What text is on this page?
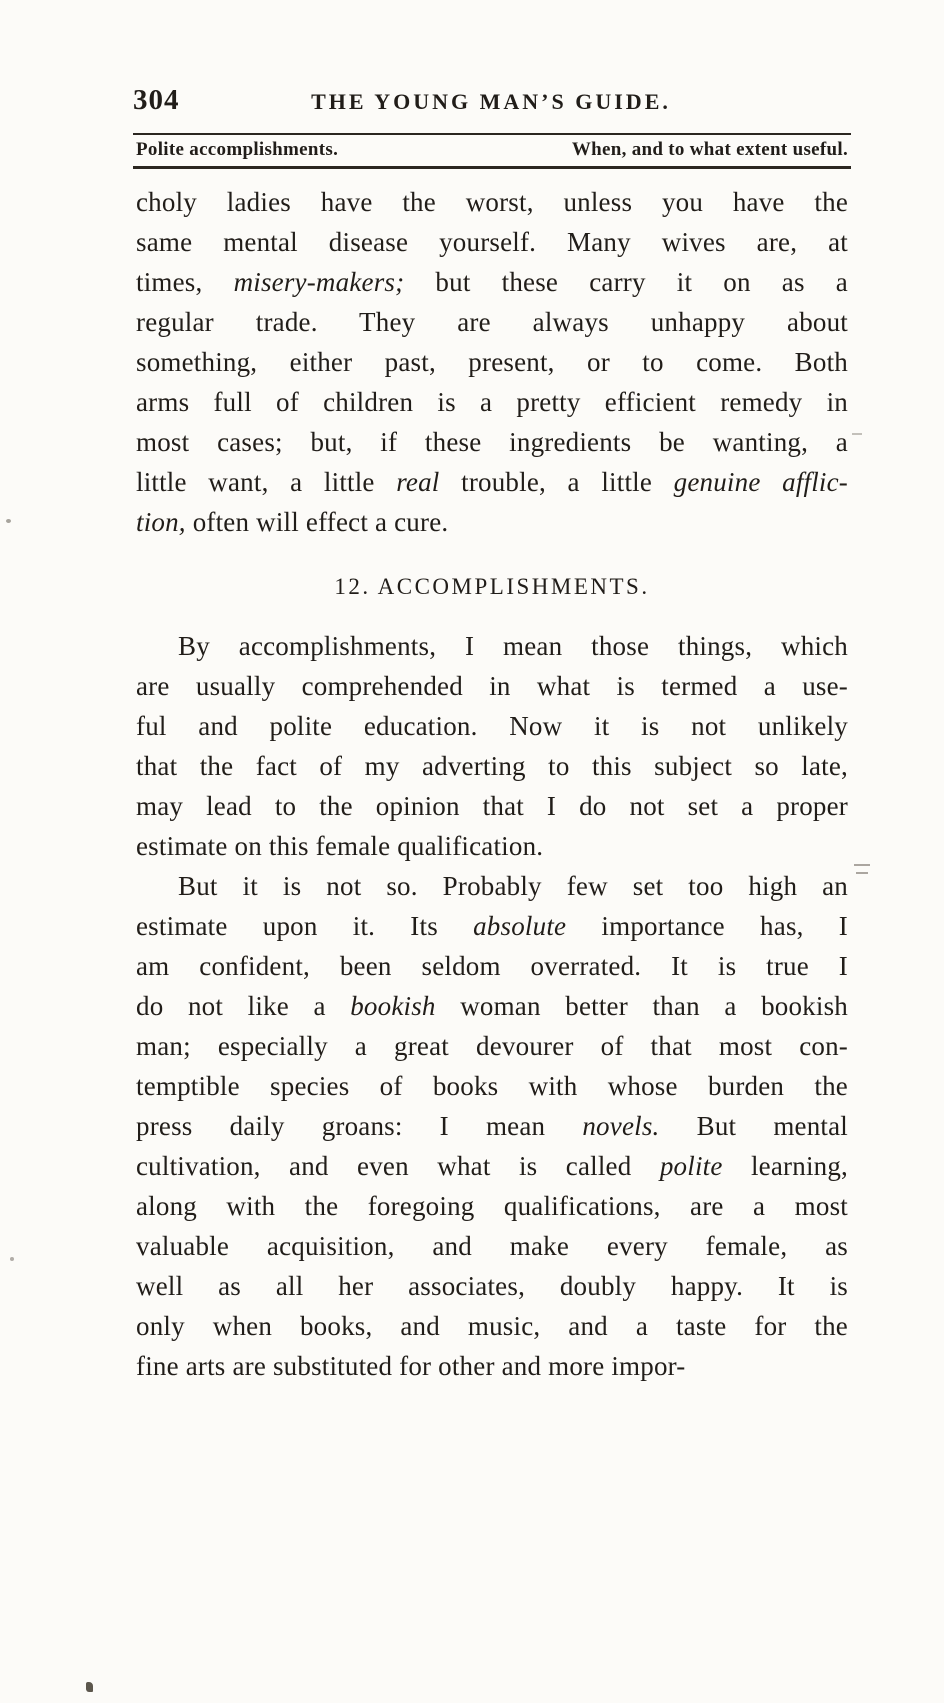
304	THE YOUNG MAN’S GUIDE.
Polite accomplishments.	When, and to what extent useful.
choly ladies have the worst, unless you have the
same mental disease yourself. Many wives are, at
times, misery-makers; but these carry it on as a
regular trade. They are always unhappy about
something, either past, present, or to come. Both
arms full of children is a pretty efficient remedy in
most cases; but, if these ingredients be wanting, a
little want, a little real trouble, a little genuine afflic-
tion, often will effect a cure.
12. ACCOMPLISHMENTS.
By accomplishments, I mean those things, which
are usually comprehended in what is termed a use-
ful and polite education. Now it is not unlikely
that the fact of my adverting to this subject so late,
may lead to the opinion that I do not set a proper
estimate on this female qualification.
But it is not so. Probably few set too high an
estimate upon it. Its absolute importance has, I
am confident, been seldom overrated. It is true I
do not like a bookish woman better than a bookish
man; especially a great devourer of that most con-
temptible species of books with whose burden the
press daily groans: I mean novels. But mental
cultivation, and even what is called polite learning,
along with the foregoing qualifications, are a most
valuable acquisition, and make every female, as
well as all her associates, doubly happy. It is
only when books, and music, and a taste for the
fine arts are substituted for other and more impor-
